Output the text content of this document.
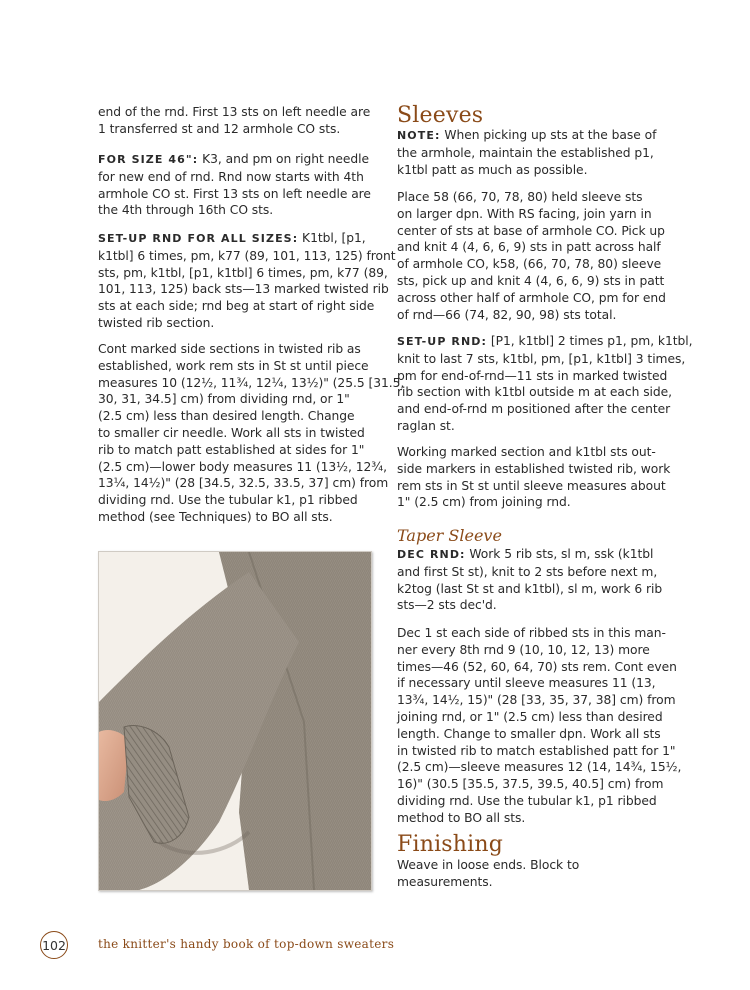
end of the rnd. First 13 sts on left needle are
1 transferred st and 12 armhole CO sts.
FOR SIZE 46": K3, and pm on right needle
for new end of rnd. Rnd now starts with 4th
armhole CO st. First 13 sts on left needle are
the 4th through 16th CO sts.
SET-UP RND FOR ALL SIZES: K1tbl, [p1,
k1tbl] 6 times, pm, k77 (89, 101, 113, 125) front
sts, pm, k1tbl, [p1, k1tbl] 6 times, pm, k77 (89,
101, 113, 125) back sts—13 marked twisted rib
sts at each side; rnd beg at start of right side
twisted rib section.
Cont marked side sections in twisted rib as
established, work rem sts in St st until piece
measures 10 (12½, 11¾, 12¼, 13½)" (25.5 [31.5,
30, 31, 34.5] cm) from dividing rnd, or 1"
(2.5 cm) less than desired length. Change
to smaller cir needle. Work all sts in twisted
rib to match patt established at sides for 1"
(2.5 cm)—lower body measures 11 (13½, 12¾,
13¼, 14½)" (28 [34.5, 32.5, 33.5, 37] cm) from
dividing rnd. Use the tubular k1, p1 ribbed
method (see Techniques) to BO all sts.
Sleeves
NOTE: When picking up sts at the base of
the armhole, maintain the established p1,
k1tbl patt as much as possible.
Place 58 (66, 70, 78, 80) held sleeve sts
on larger dpn. With RS facing, join yarn in
center of sts at base of armhole CO. Pick up
and knit 4 (4, 6, 6, 9) sts in patt across half
of armhole CO, k58, (66, 70, 78, 80) sleeve
sts, pick up and knit 4 (4, 6, 6, 9) sts in patt
across other half of armhole CO, pm for end
of rnd—66 (74, 82, 90, 98) sts total.
SET-UP RND: [P1, k1tbl] 2 times p1, pm, k1tbl,
knit to last 7 sts, k1tbl, pm, [p1, k1tbl] 3 times,
pm for end-of-rnd—11 sts in marked twisted
rib section with k1tbl outside m at each side,
and end-of-rnd m positioned after the center
raglan st.
Working marked section and k1tbl sts out-
side markers in established twisted rib, work
rem sts in St st until sleeve measures about
1" (2.5 cm) from joining rnd.
Taper Sleeve
DEC RND: Work 5 rib sts, sl m, ssk (k1tbl
and first St st), knit to 2 sts before next m,
k2tog (last St st and k1tbl), sl m, work 6 rib
sts—2 sts dec'd.
Dec 1 st each side of ribbed sts in this man-
ner every 8th rnd 9 (10, 10, 12, 13) more
times—46 (52, 60, 64, 70) sts rem. Cont even
if necessary until sleeve measures 11 (13,
13¾, 14½, 15)" (28 [33, 35, 37, 38] cm) from
joining rnd, or 1" (2.5 cm) less than desired
length. Change to smaller dpn. Work all sts
in twisted rib to match established patt for 1"
(2.5 cm)—sleeve measures 12 (14, 14¾, 15½,
16)" (30.5 [35.5, 37.5, 39.5, 40.5] cm) from
dividing rnd. Use the tubular k1, p1 ribbed
method to BO all sts.
Finishing
Weave in loose ends. Block to
measurements.
102	the knitter's handy book of top-down sweaters
